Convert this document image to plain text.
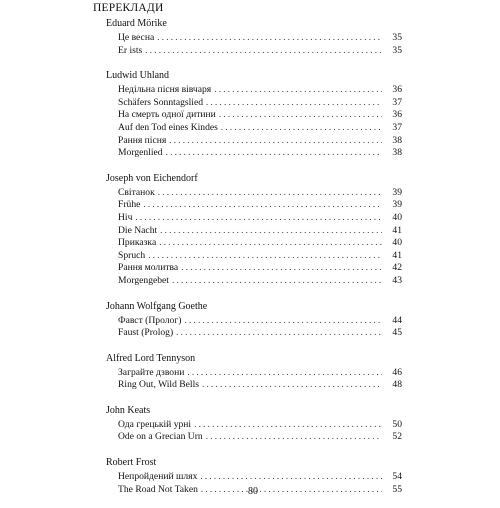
ПЕРЕКЛАДИ
Eduard Mörike
Це весна . . .	35
Er ists . . .	35
Ludwid Uhland
Недільна пісня вівчаря . . .	36
Schäfers Sonntagslied . . .	37
На смерть одної дитини . . .	36
Auf den Tod eines Kindes . . .	37
Рання пісня . . .	38
Morgenlied . . .	38
Joseph von Eichendorf
Світанок . . .	39
Frühe . . .	39
Ніч . . .	40
Die Nacht . . .	41
Приказка . . .	40
Spruch . . .	41
Рання молитва . . .	42
Morgengebet . . .	43
Johann Wolfgang Goethe
Фавст (Пролог) . . .	44
Faust (Prolog) . . .	45
Alfred Lord Tennyson
Заграйте дзвони . . .	46
Ring Out, Wild Bells . . .	48
John Keats
Ода грецькій урні . . .	50
Ode on a Grecian Urn . . .	52
Robert Frost
Непройдений шлях . . .	54
The Road Not Taken . . .	55
80
